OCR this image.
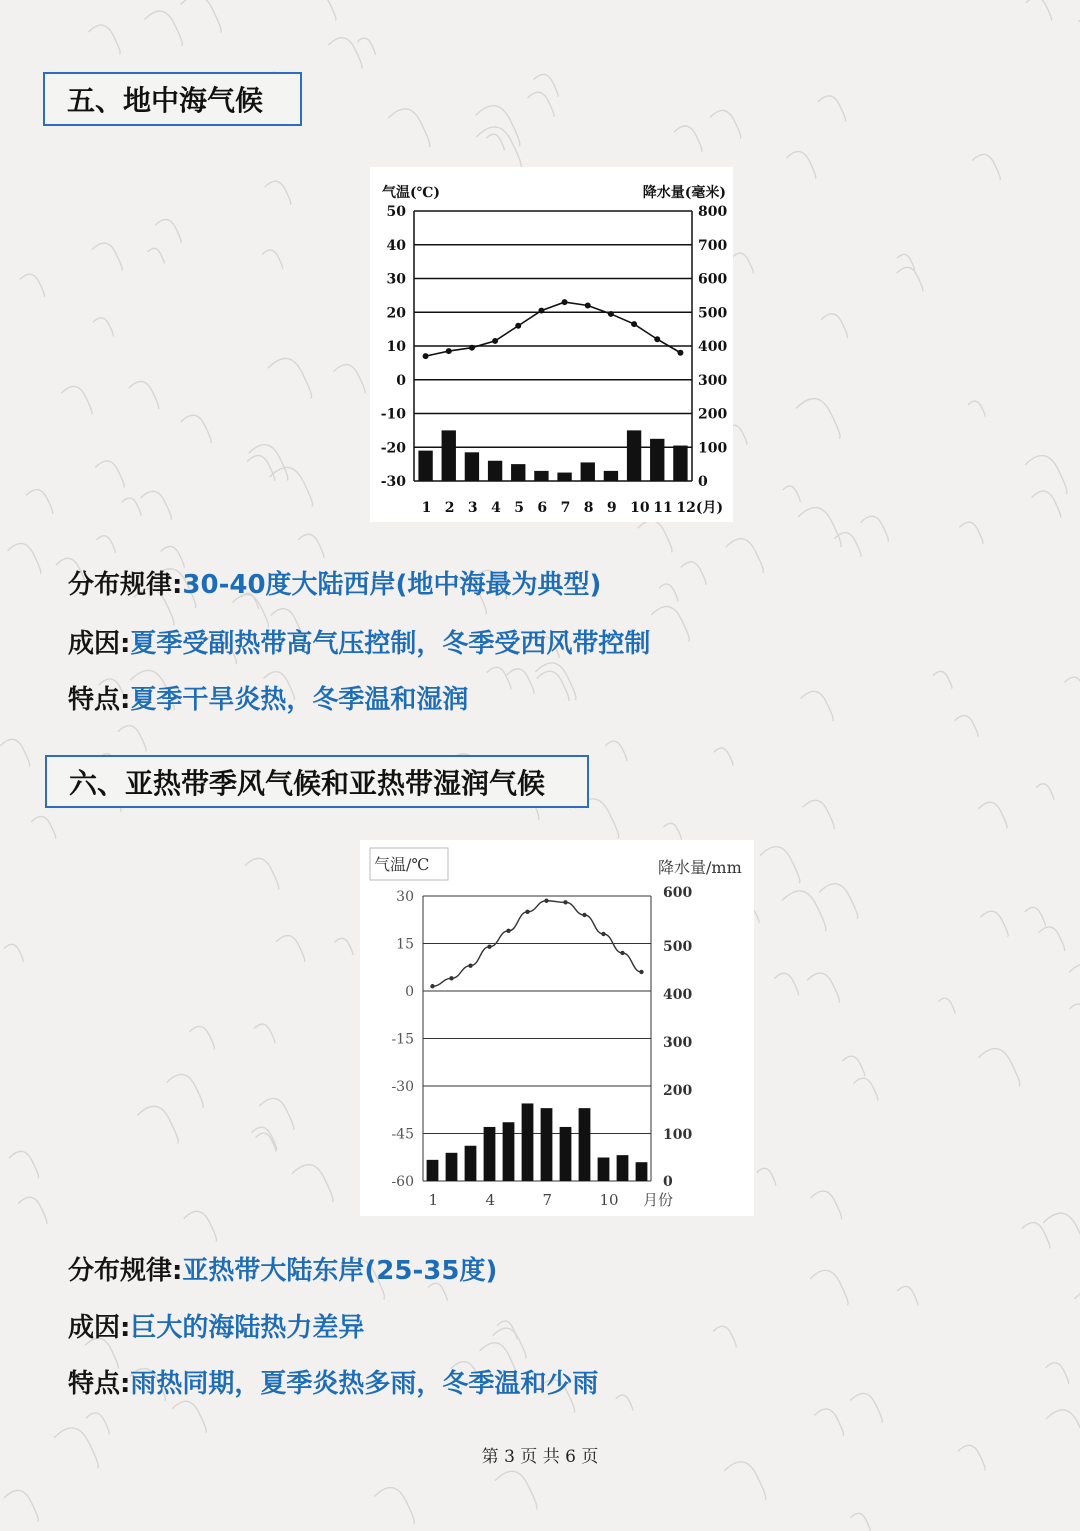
五、地中海气候
气温(℃)	降水量(毫米)
50
40
30
20
10
0
-10
-20
-30
800
700
600
500
400
300
200
100
0
1 2 3 4 5 6 7 8 9 10 11 12(月)
分布规律:30-40度大陆西岸(地中海最为典型)
成因:夏季受副热带高气压控制，冬季受西风带控制
特点:夏季干旱炎热，冬季温和湿润
六、亚热带季风气候和亚热带湿润气候
气温/℃	降水量/mm
30
15
0
-15
-30
-45
-60
600
500
400
300
200
100
0
1	4	7	10 月份
分布规律:亚热带大陆东岸(25-35度)
成因:巨大的海陆热力差异
特点:雨热同期，夏季炎热多雨，冬季温和少雨
第 3 页 共 6 页
